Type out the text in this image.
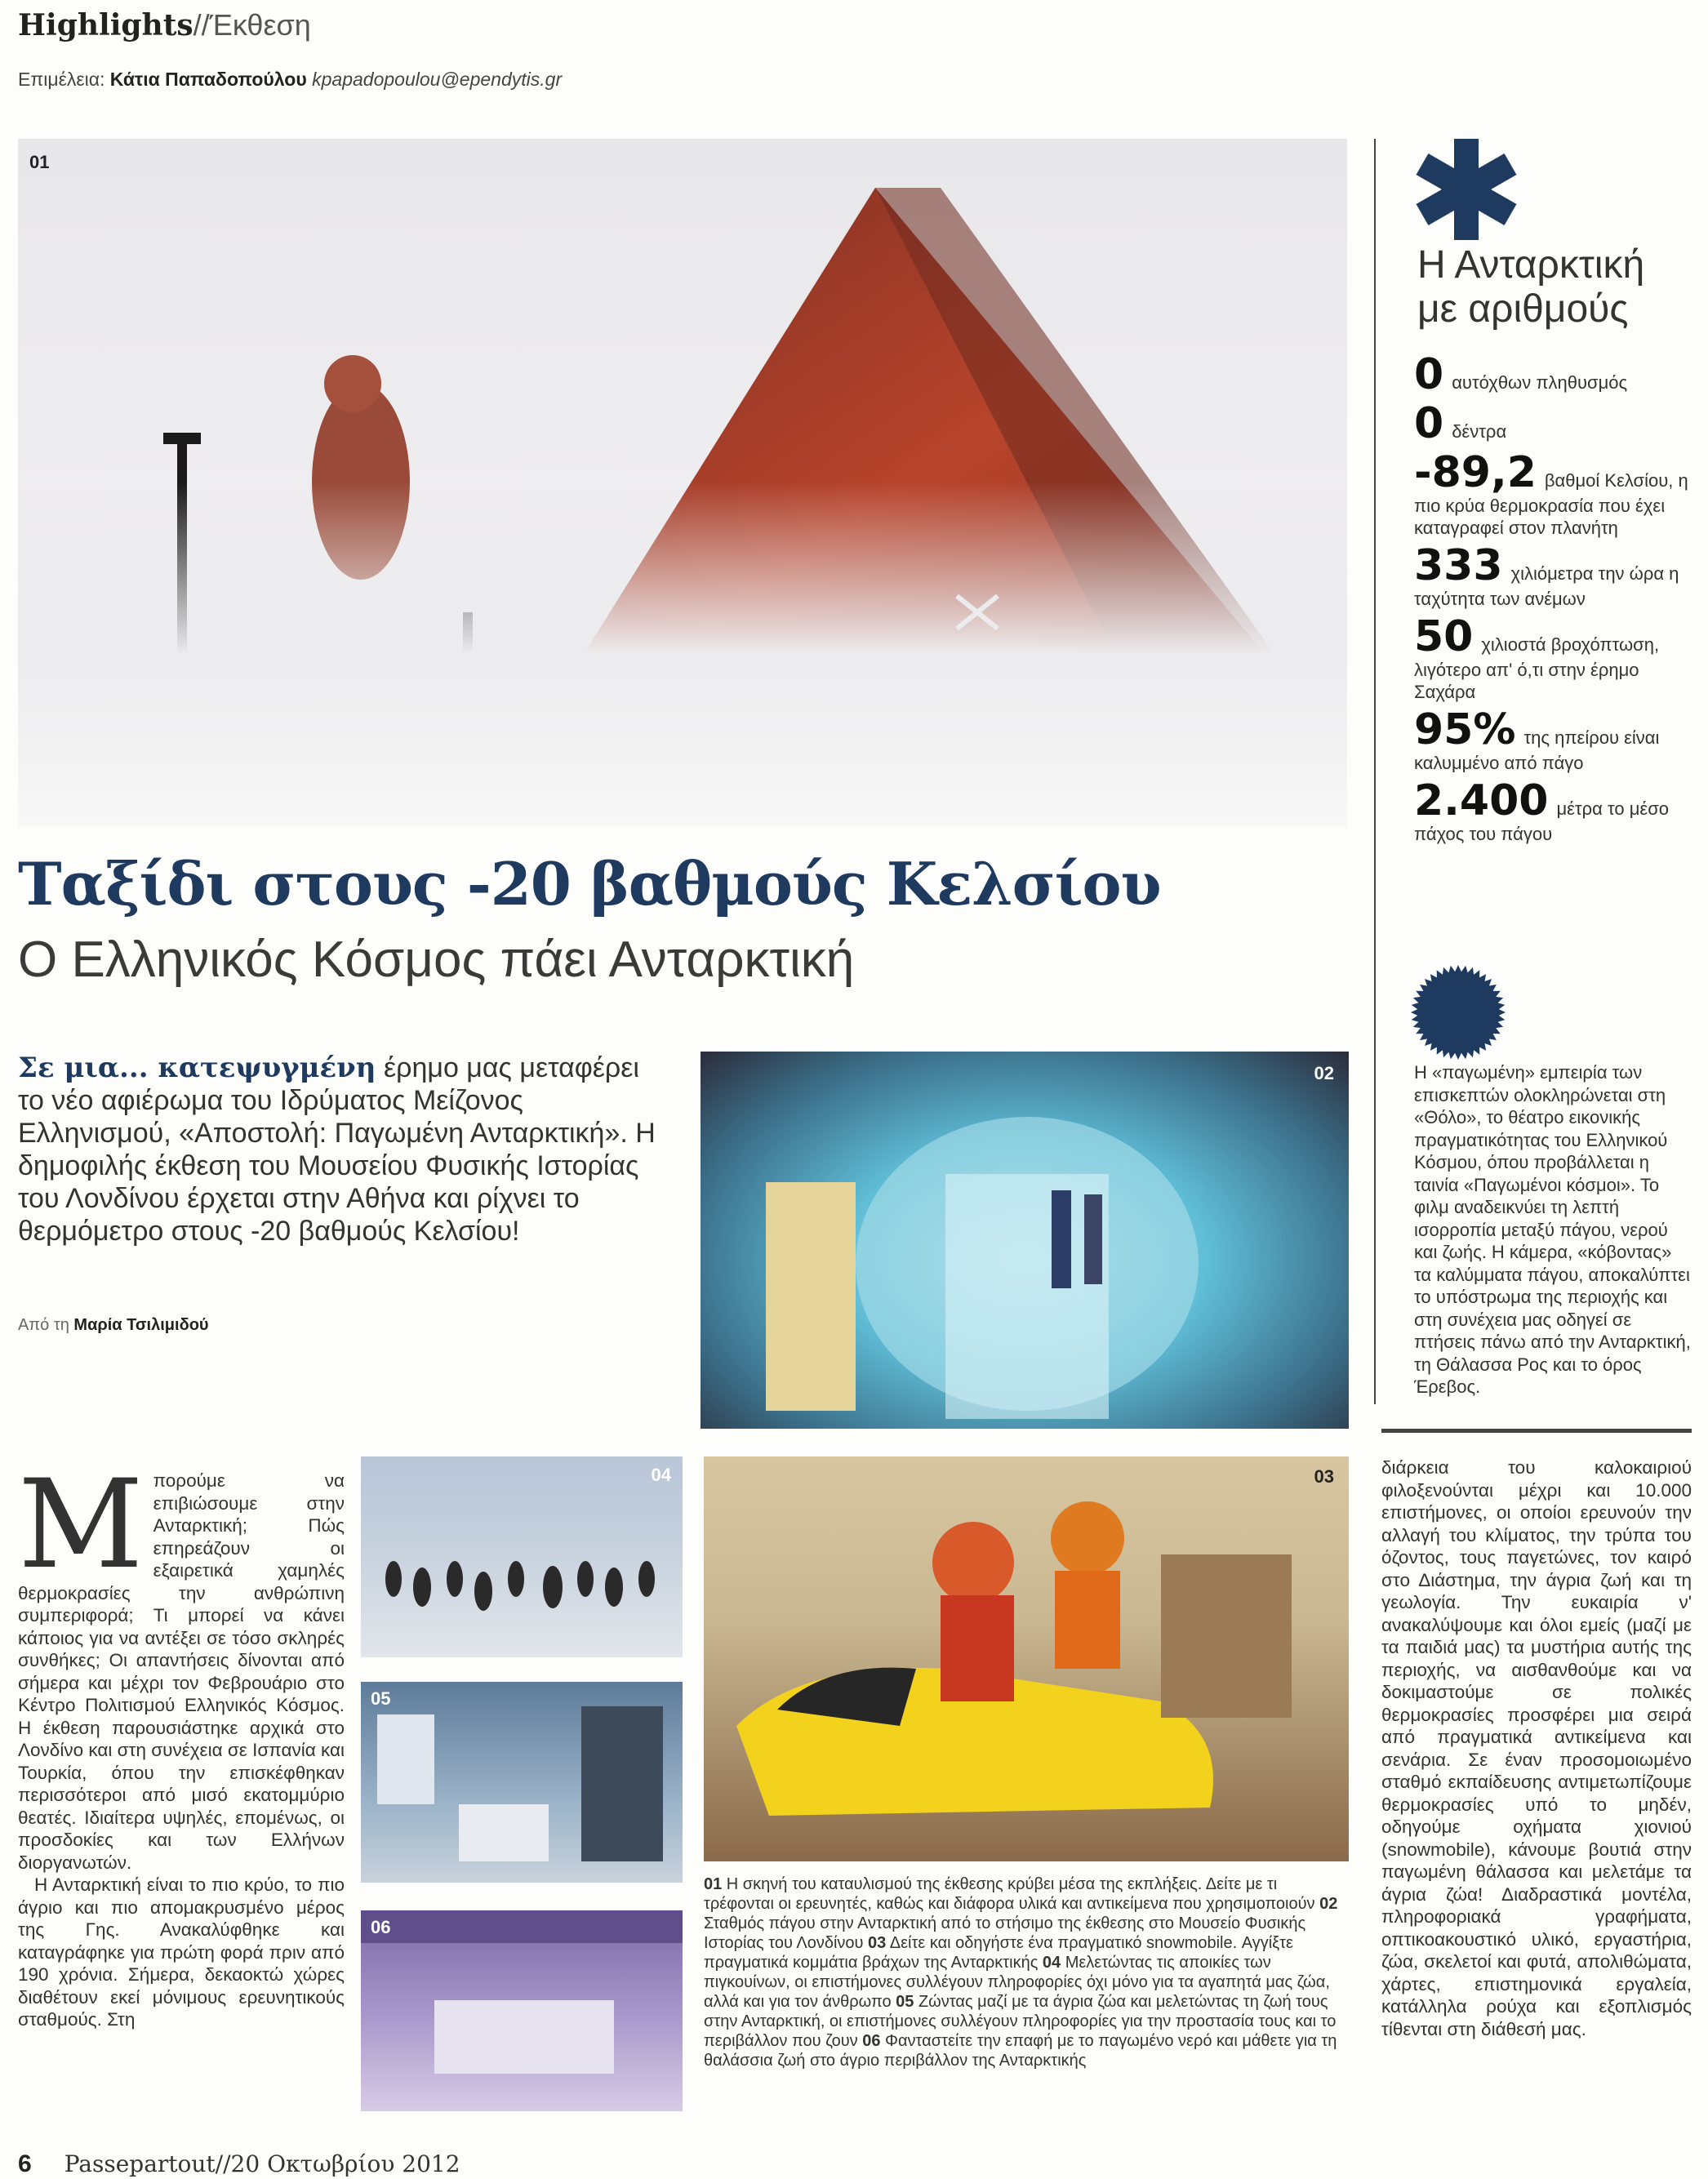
Highlights//Έκθεση
Επιμέλεια: Κάτια Παπαδοπούλου kpapadopoulou@ependytis.gr
01
Ταξίδι στους -20 βαθμούς Κελσίου
Ο Ελληνικός Κόσμος πάει Ανταρκτική
Σε μια... κατεψυγμένη έρημο μας μεταφέρει το νέο αφιέρωμα του Ιδρύματος Μείζονος Ελληνισμού, «Αποστολή: Παγωμένη Ανταρκτική». Η δημοφιλής έκθεση του Μουσείου Φυσικής Ιστορίας του Λονδίνου έρχεται στην Αθήνα και ρίχνει το θερμόμετρο στους -20 βαθμούς Κελσίου!
Από τη Μαρία Τσιλιμιδού
02
Μ πορούμε να επιβιώσουμε στην Ανταρκτική; Πώς επηρεάζουν οι εξαιρετικά χαμηλές θερμοκρασίες την ανθρώπινη συμπεριφορά; Τι μπορεί να κάνει κάποιος για να αντέξει σε τόσο σκληρές συνθήκες; Οι απαντήσεις δίνονται από σήμερα και μέχρι τον Φεβρουάριο στο Κέντρο Πολιτισμού Ελληνικός Κόσμος. Η έκθεση παρουσιάστηκε αρχικά στο Λονδίνο και στη συνέχεια σε Ισπανία και Τουρκία, όπου την επισκέφθηκαν περισσότεροι από μισό εκατομμύριο θεατές. Ιδιαίτερα υψηλές, επομένως, οι προσδοκίες και των Ελλήνων διοργανωτών.

Η Ανταρκτική είναι το πιο κρύο, το πιο άγριο και πιο απομακρυσμένο μέρος της Γης. Ανακαλύφθηκε και καταγράφηκε για πρώτη φορά πριν από 190 χρόνια. Σήμερα, δεκαοκτώ χώρες διαθέτουν εκεί μόνιμους ερευνητικούς σταθμούς. Στη

04
05
06
03
01 Η σκηνή του καταυλισμού της έκθεσης κρύβει μέσα της εκπλήξεις. Δείτε με τι τρέφονται οι ερευνητές, καθώς και διάφορα υλικά και αντικείμενα που χρησιμοποιούν 02 Σταθμός πάγου στην Ανταρκτική από το στήσιμο της έκθεσης στο Μουσείο Φυσικής Ιστορίας του Λονδίνου 03 Δείτε και οδηγήστε ένα πραγματικό snowmobile. Αγγίξτε πραγματικά κομμάτια βράχων της Ανταρκτικής 04 Μελετώντας τις αποικίες των πιγκουίνων, οι επιστήμονες συλλέγουν πληροφορίες όχι μόνο για τα αγαπητά μας ζώα, αλλά και για τον άνθρωπο 05 Ζώντας μαζί με τα άγρια ζώα και μελετώντας τη ζωή τους στην Ανταρκτική, οι επιστήμονες συλλέγουν πληροφορίες για την προστασία τους και το περιβάλλον που ζουν 06 Φανταστείτε την επαφή με το παγωμένο νερό και μάθετε για τη θαλάσσια ζωή στο άγριο περιβάλλον της Ανταρκτικής

διάρκεια του καλοκαιριού φιλοξενούνται μέχρι και 10.000 επιστήμονες, οι οποίοι ερευνούν την αλλαγή του κλίματος, την τρύπα του όζοντος, τους παγετώνες, τον καιρό στο Διάστημα, την άγρια ζωή και τη γεωλογία. Την ευκαιρία ν' ανακαλύψουμε και όλοι εμείς (μαζί με τα παιδιά μας) τα μυστήρια αυτής της περιοχής, να αισθανθούμε και να δοκιμαστούμε σε πολικές θερμοκρασίες προσφέρει μια σειρά από πραγματικά αντικείμενα και σενάρια. Σε έναν προσομοιωμένο σταθμό εκπαίδευσης αντιμετωπίζουμε θερμοκρασίες υπό το μηδέν, οδηγούμε οχήματα χιονιού (snowmobile), κάνουμε βουτιά στην παγωμένη θάλασσα και μελετάμε τα άγρια ζώα! Διαδραστικά μοντέλα, πληροφοριακά γραφήματα, οπτικοακουστικό υλικό, εργαστήρια, ζώα, σκελετοί και φυτά, απολιθώματα, χάρτες, επιστημονικά εργαλεία, κατάλληλα ρούχα και εξοπλισμός τίθενται στη διάθεσή μας.

Η Ανταρκτική
με αριθμούς
0 αυτόχθων πληθυσμός
0 δέντρα
-89,2 βαθμοί Κελσίου, η πιο κρύα θερμοκρασία που έχει καταγραφεί στον πλανήτη
333 χιλιόμετρα την ώρα η ταχύτητα των ανέμων
50 χιλιοστά βροχόπτωση, λιγότερο απ' ό,τι στην έρημο Σαχάρα
95% της ηπείρου είναι καλυμμένο από πάγο
2.400 μέτρα το μέσο πάχος του πάγου
Η «παγωμένη» εμπειρία των επισκεπτών ολοκληρώνεται στη «Θόλο», το θέατρο εικονικής πραγματικότητας του Ελληνικού Κόσμου, όπου προβάλλεται η ταινία «Παγωμένοι κόσμοι». Το φιλμ αναδεικνύει τη λεπτή ισορροπία μεταξύ πάγου, νερού και ζωής. Η κάμερα, «κόβοντας» τα καλύμματα πάγου, αποκαλύπτει το υπόστρωμα της περιοχής και στη συνέχεια μας οδηγεί σε πτήσεις πάνω από την Ανταρκτική, τη Θάλασσα Ρος και το όρος Έρεβος.
6 Passepartout//20 Οκτωβρίου 2012
